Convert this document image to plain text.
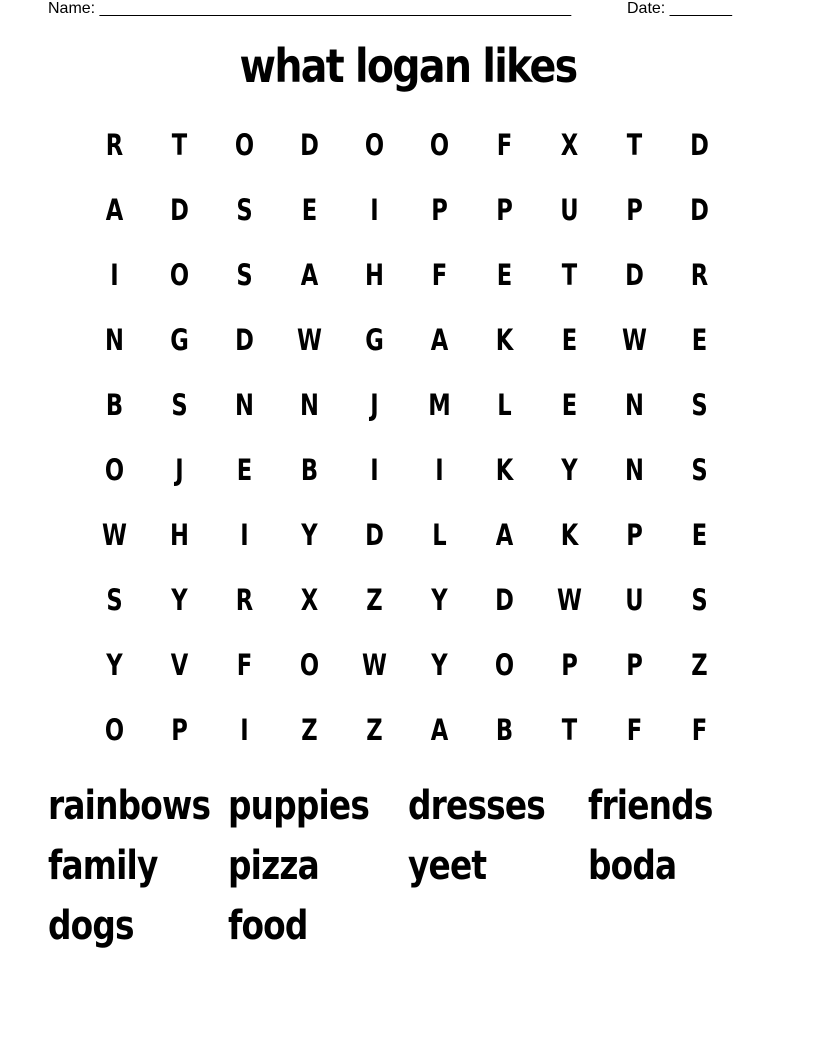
Name: _____________________________________________________	Date: _______
what logan likes
R	T	O	D	O	O	F	X	T	D
A	D	S	E	I	P	P	U	P	D
I	O	S	A	H	F	E	T	D	R
N	G	D	W	G	A	K	E	W	E
B	S	N	N	J	M	L	E	N	S
O	J	E	B	I	I	K	Y	N	S
W	H	I	Y	D	L	A	K	P	E
S	Y	R	X	Z	Y	D	W	U	S
Y	V	F	O	W	Y	O	P	P	Z
O	P	I	Z	Z	A	B	T	F	F
rainbows puppies dresses friends
family	pizza	yeet	boda
dogs	food
